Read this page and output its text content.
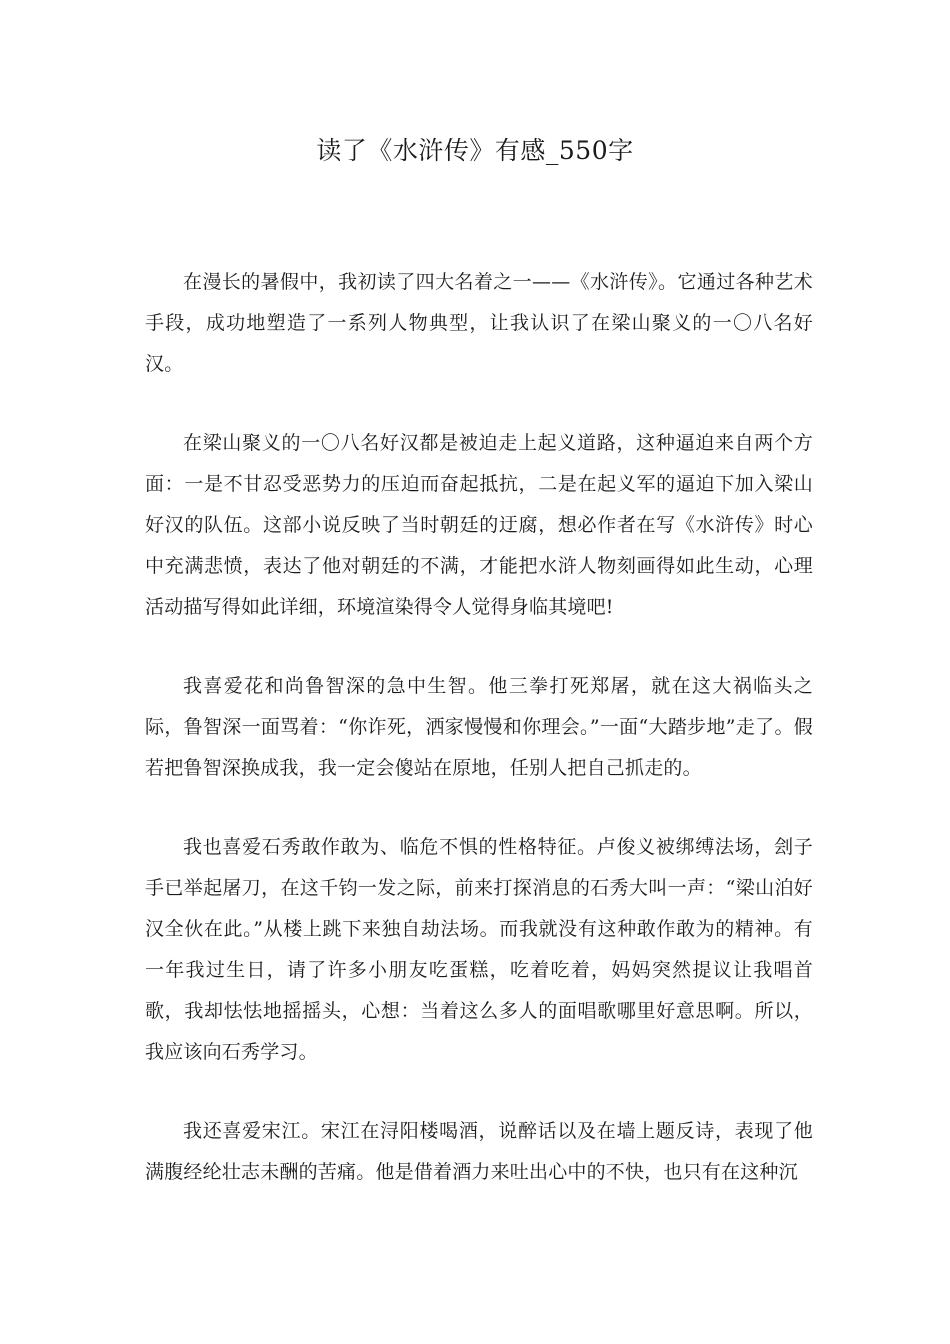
读了《水浒传》有感_550字

在漫长的暑假中，我初读了四大名着之一——《水浒传》。它通过各种艺术手段，成功地塑造了一系列人物典型，让我认识了在梁山聚义的一〇八名好汉。

在梁山聚义的一〇八名好汉都是被迫走上起义道路，这种逼迫来自两个方面：一是不甘忍受恶势力的压迫而奋起抵抗，二是在起义军的逼迫下加入梁山好汉的队伍。这部小说反映了当时朝廷的迂腐，想必作者在写《水浒传》时心中充满悲愤，表达了他对朝廷的不满，才能把水浒人物刻画得如此生动，心理活动描写得如此详细，环境渲染得令人觉得身临其境吧!

我喜爱花和尚鲁智深的急中生智。他三拳打死郑屠，就在这大祸临头之际，鲁智深一面骂着：“你诈死，洒家慢慢和你理会。”一面“大踏步地”走了。假若把鲁智深换成我，我一定会傻站在原地，任别人把自己抓走的。

我也喜爱石秀敢作敢为、临危不惧的性格特征。卢俊义被绑缚法场，刽子手已举起屠刀，在这千钧一发之际，前来打探消息的石秀大叫一声：“梁山泊好汉全伙在此。”从楼上跳下来独自劫法场。而我就没有这种敢作敢为的精神。有一年我过生日，请了许多小朋友吃蛋糕，吃着吃着，妈妈突然提议让我唱首歌，我却怯怯地摇摇头，心想：当着这么多人的面唱歌哪里好意思啊。所以，我应该向石秀学习。

我还喜爱宋江。宋江在浔阳楼喝酒，说醉话以及在墙上题反诗，表现了他满腹经纶壮志未酬的苦痛。他是借着酒力来吐出心中的不快，也只有在这种沉
